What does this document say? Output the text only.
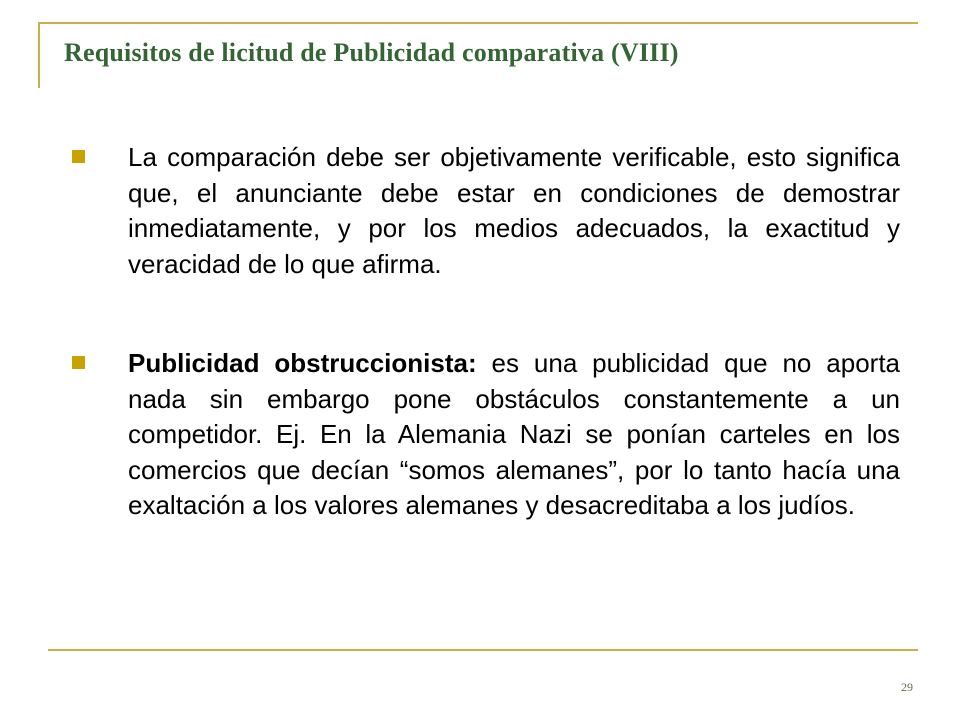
Requisitos de licitud de Publicidad comparativa (VIII)
La comparación debe ser objetivamente verificable, esto significa que, el anunciante debe estar en condiciones de demostrar inmediatamente, y por los medios adecuados, la exactitud y veracidad de lo que afirma.
Publicidad obstruccionista: es una publicidad que no aporta nada sin embargo pone obstáculos constantemente a un competidor. Ej. En la Alemania Nazi se ponían carteles en los comercios que decían “somos alemanes”, por lo tanto hacía una exaltación a los valores alemanes y desacreditaba a los judíos.
29
